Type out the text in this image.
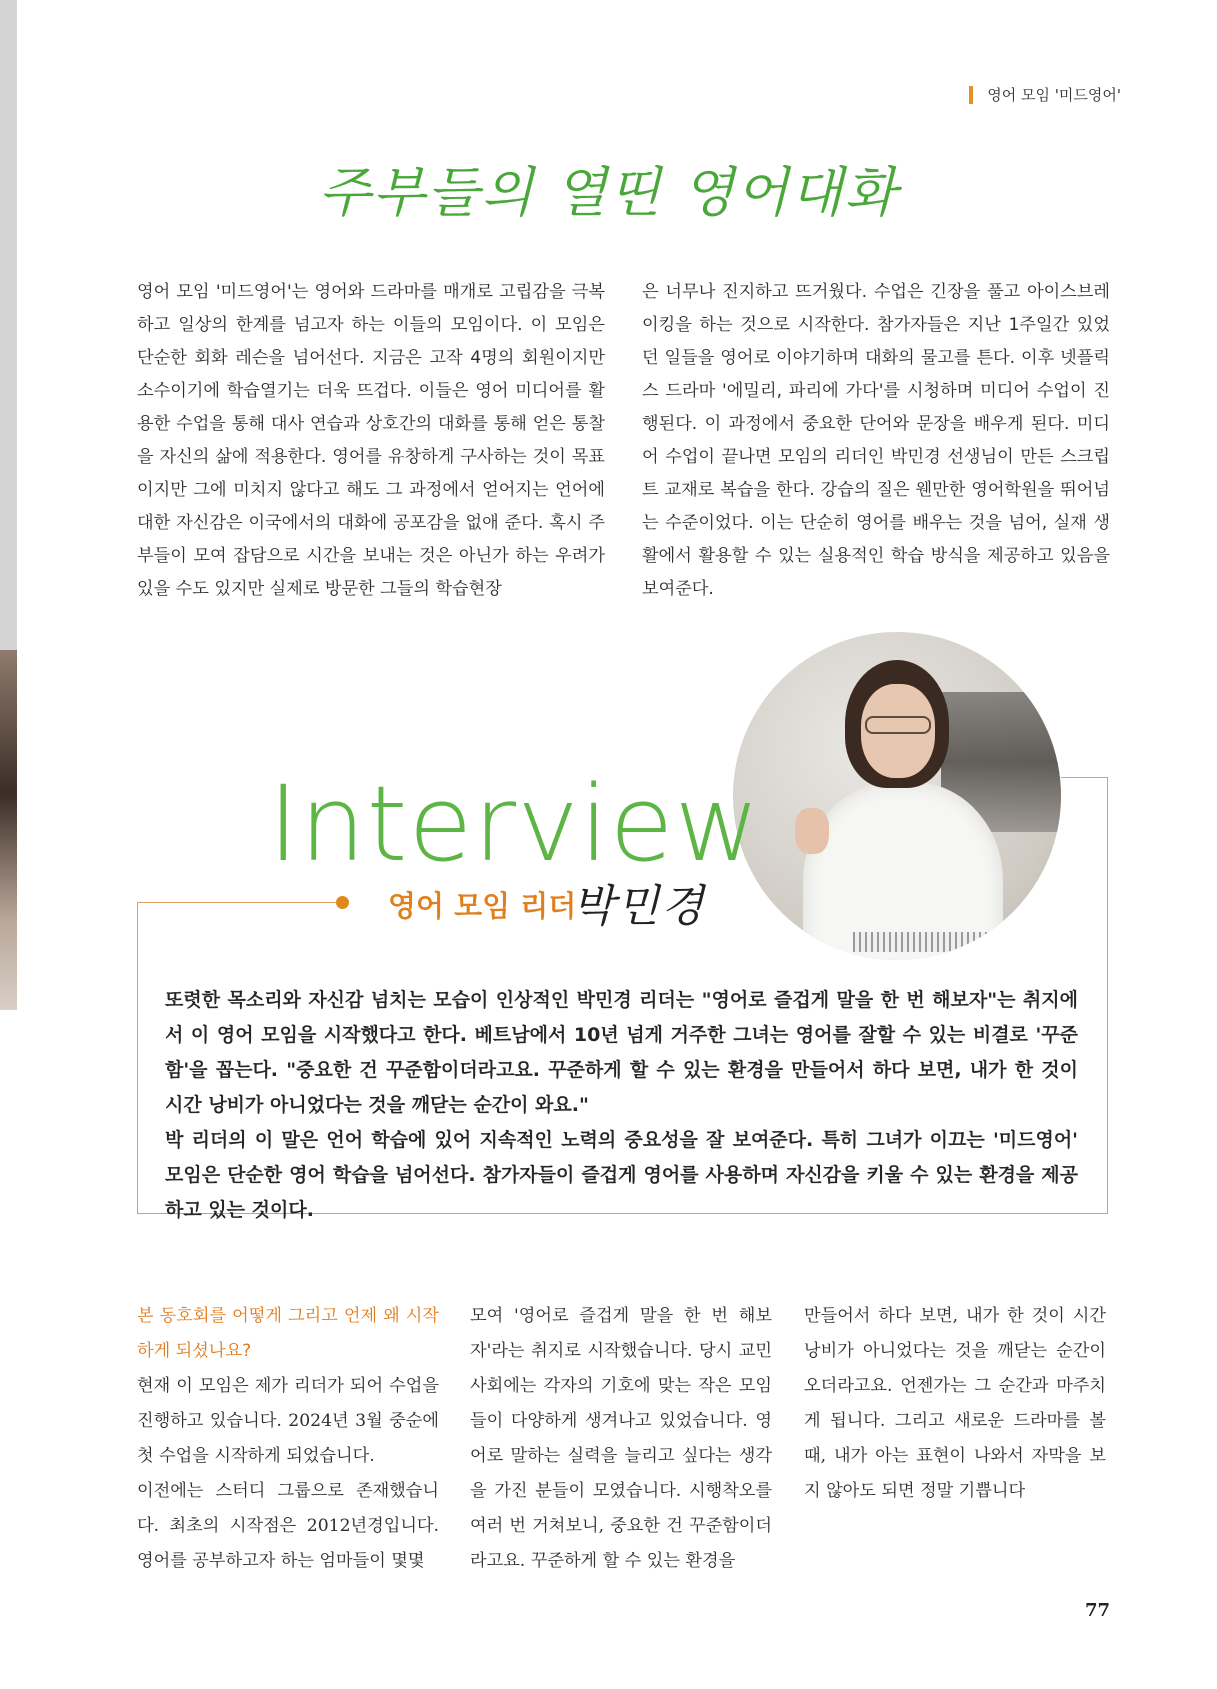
영어 모임 '미드영어'
주부들의 열띤 영어대화
영어 모임 '미드영어'는 영어와 드라마를 매개로 고립감을 극복하고 일상의 한계를 넘고자 하는 이들의 모임이다. 이 모임은 단순한 회화 레슨을 넘어선다. 지금은 고작 4명의 회원이지만 소수이기에 학습열기는 더욱 뜨겁다. 이들은 영어 미디어를 활용한 수업을 통해 대사 연습과 상호간의 대화를 통해 얻은 통찰을 자신의 삶에 적용한다. 영어를 유창하게 구사하는 것이 목표이지만 그에 미치지 않다고 해도 그 과정에서 얻어지는 언어에 대한 자신감은 이국에서의 대화에 공포감을 없애 준다. 혹시 주부들이 모여 잡담으로 시간을 보내는 것은 아닌가 하는 우려가 있을 수도 있지만 실제로 방문한 그들의 학습현장
은 너무나 진지하고 뜨거웠다. 수업은 긴장을 풀고 아이스브레이킹을 하는 것으로 시작한다. 참가자들은 지난 1주일간 있었던 일들을 영어로 이야기하며 대화의 물고를 튼다. 이후 넷플릭스 드라마 '에밀리, 파리에 가다'를 시청하며 미디어 수업이 진행된다. 이 과정에서 중요한 단어와 문장을 배우게 된다. 미디어 수업이 끝나면 모임의 리더인 박민경 선생님이 만든 스크립트 교재로 복습을 한다. 강습의 질은 웬만한 영어학원을 뛰어넘는 수준이었다. 이는 단순히 영어를 배우는 것을 넘어, 실재 생활에서 활용할 수 있는 실용적인 학습 방식을 제공하고 있음을 보여준다.
Interview
영어 모임 리더
박민경

또렷한 목소리와 자신감 넘치는 모습이 인상적인 박민경 리더는 "영어로 즐겁게 말을 한 번 해보자"는 취지에서 이 영어 모임을 시작했다고 한다. 베트남에서 10년 넘게 거주한 그녀는 영어를 잘할 수 있는 비결로 '꾸준함'을 꼽는다. "중요한 건 꾸준함이더라고요. 꾸준하게 할 수 있는 환경을 만들어서 하다 보면, 내가 한 것이 시간 낭비가 아니었다는 것을 깨닫는 순간이 와요."

박 리더의 이 말은 언어 학습에 있어 지속적인 노력의 중요성을 잘 보여준다. 특히 그녀가 이끄는 '미드영어' 모임은 단순한 영어 학습을 넘어선다. 참가자들이 즐겁게 영어를 사용하며 자신감을 키울 수 있는 환경을 제공하고 있는 것이다.

본 동호회를 어떻게 그리고 언제 왜 시작하게 되셨나요?

현재 이 모임은 제가 리더가 되어 수업을 진행하고 있습니다. 2024년 3월 중순에 첫 수업을 시작하게 되었습니다.

이전에는 스터디 그룹으로 존재했습니다. 최초의 시작점은 2012년경입니다. 영어를 공부하고자 하는 엄마들이 몇몇

모여 '영어로 즐겁게 말을 한 번 해보자'라는 취지로 시작했습니다. 당시 교민사회에는 각자의 기호에 맞는 작은 모임들이 다양하게 생겨나고 있었습니다. 영어로 말하는 실력을 늘리고 싶다는 생각을 가진 분들이 모였습니다. 시행착오를 여러 번 거쳐보니, 중요한 건 꾸준함이더라고요. 꾸준하게 할 수 있는 환경을

만들어서 하다 보면, 내가 한 것이 시간 낭비가 아니었다는 것을 깨닫는 순간이 오더라고요. 언젠가는 그 순간과 마주치게 됩니다. 그리고 새로운 드라마를 볼 때, 내가 아는 표현이 나와서 자막을 보지 않아도 되면 정말 기쁩니다

77
